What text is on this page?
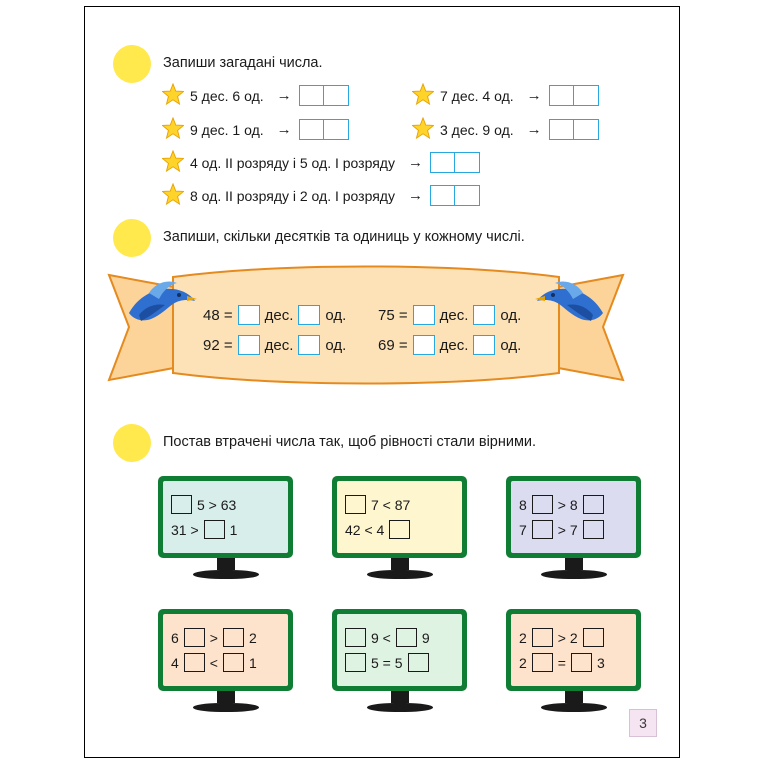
Запиши загадані числа.
5 дес. 6 од. →	7 дес. 4 од. →
9 дес. 1 од. →	3 дес. 9 од. →
4 од. II розряду і 5 од. I розряду →
8 од. II розряду і 2 од. I розряду →
Запиши, скільки десятків та одиниць у кожному числі.
48 = дес. од. 75 = дес. од.
92 = дес. од. 69 = дес. од.
Постав втрачені числа так, щоб рівності стали вірними.
5 > 63
31 > 1
7 < 87
42 < 4
8 > 8
7 > 7
6 > 2
4 < 1
9 < 9
5 = 5
2 > 2
2 = 3
3
